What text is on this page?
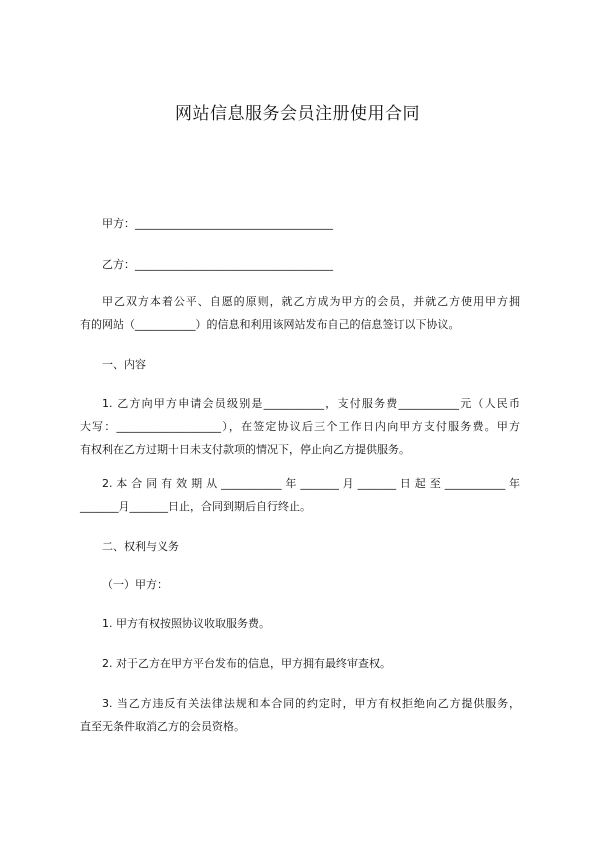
网站信息服务会员注册使用合同
甲方：____________________________________
乙方：____________________________________
甲乙双方本着公平、自愿的原则，就乙方成为甲方的会员，并就乙方使用甲方拥
有的网站（___________）的信息和利用该网站发布自己的信息签订以下协议。
一、内容
1. 乙方向甲方申请会员级别是___________，支付服务费___________元（人民币
大写：___________________），在签定协议后三个工作日内向甲方支付服务费。甲方
有权利在乙方过期十日未支付款项的情况下，停止向乙方提供服务。
2. 本 合 同 有 效 期 从 ___________ 年 _______ 月 _______ 日 起 至 ___________ 年
_______月_______日止，合同到期后自行终止。
二、权利与义务
（一）甲方：
1. 甲方有权按照协议收取服务费。
2. 对于乙方在甲方平台发布的信息，甲方拥有最终审查权。
3. 当乙方违反有关法律法规和本合同的约定时，甲方有权拒绝向乙方提供服务，
直至无条件取消乙方的会员资格。
